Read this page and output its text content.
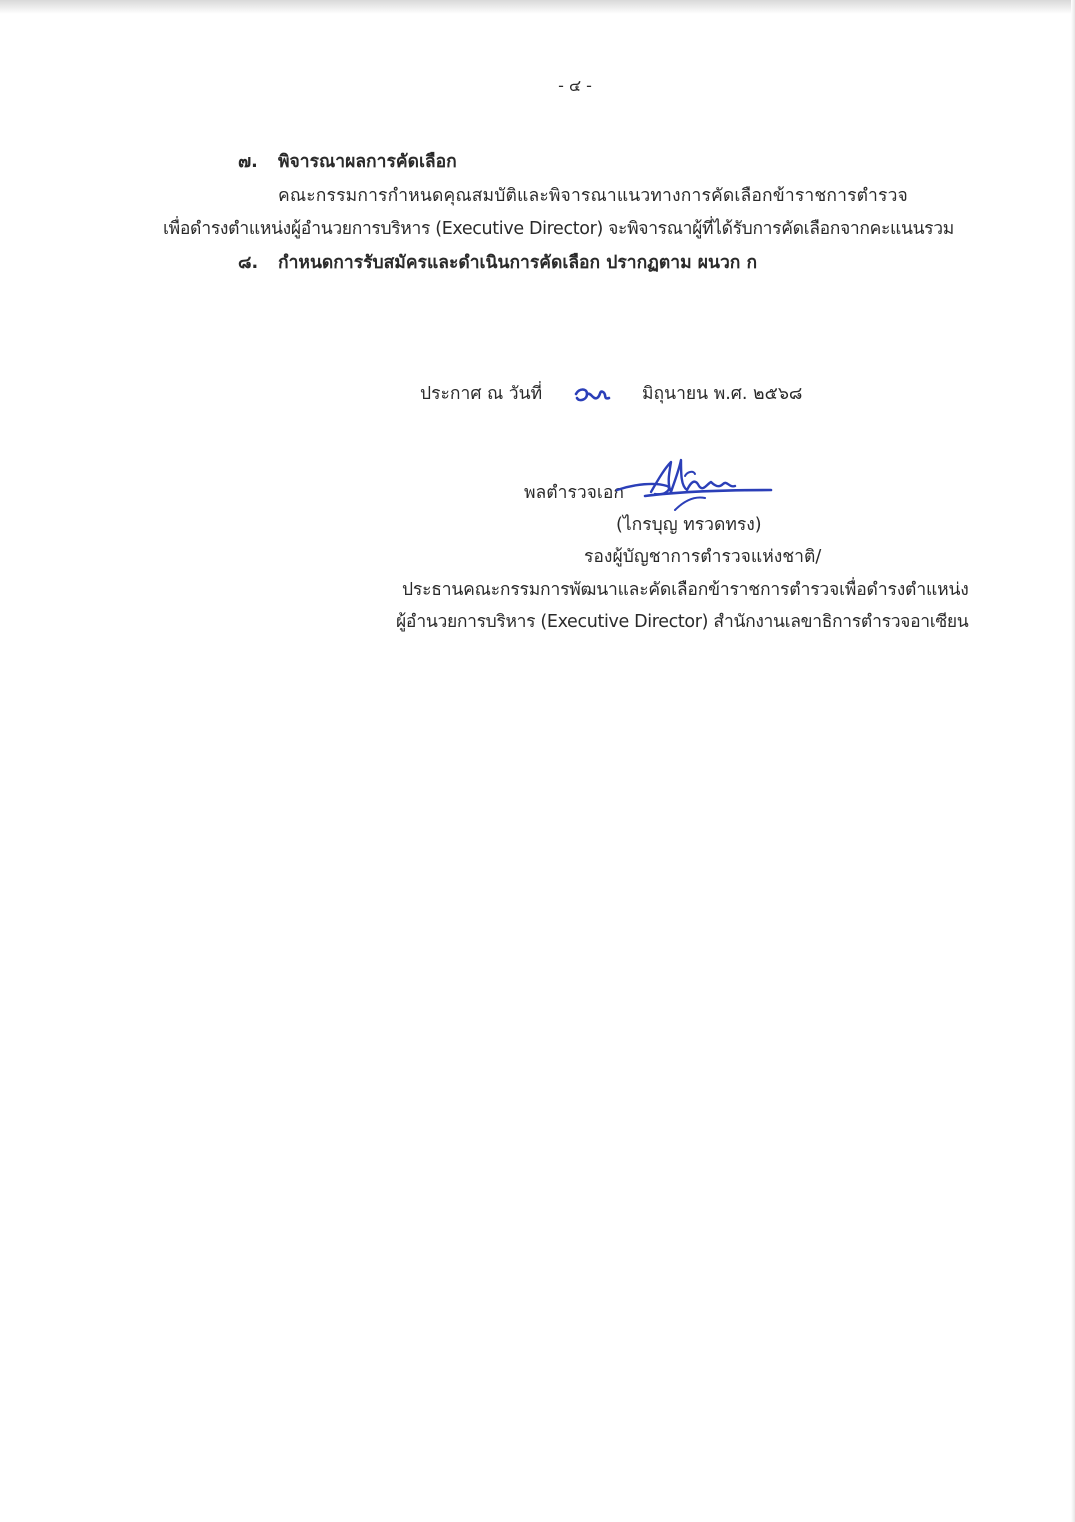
- ๔ -
๗. พิจารณาผลการคัดเลือก
คณะกรรมการกำหนดคุณสมบัติและพิจารณาแนวทางการคัดเลือกข้าราชการตำรวจ
เพื่อดำรงตำแหน่งผู้อำนวยการบริหาร (Executive Director) จะพิจารณาผู้ที่ได้รับการคัดเลือกจากคะแนนรวม
๘. กำหนดการรับสมัครและดำเนินการคัดเลือก ปรากฏตาม ผนวก ก
ประกาศ ณ วันที่	มิถุนายน พ.ศ. ๒๕๖๘
พลตำรวจเอก
(ไกรบุญ ทรวดทรง)
รองผู้บัญชาการตำรวจแห่งชาติ/
ประธานคณะกรรมการพัฒนาและคัดเลือกข้าราชการตำรวจเพื่อดำรงตำแหน่ง
ผู้อำนวยการบริหาร (Executive Director) สำนักงานเลขาธิการตำรวจอาเซียน
